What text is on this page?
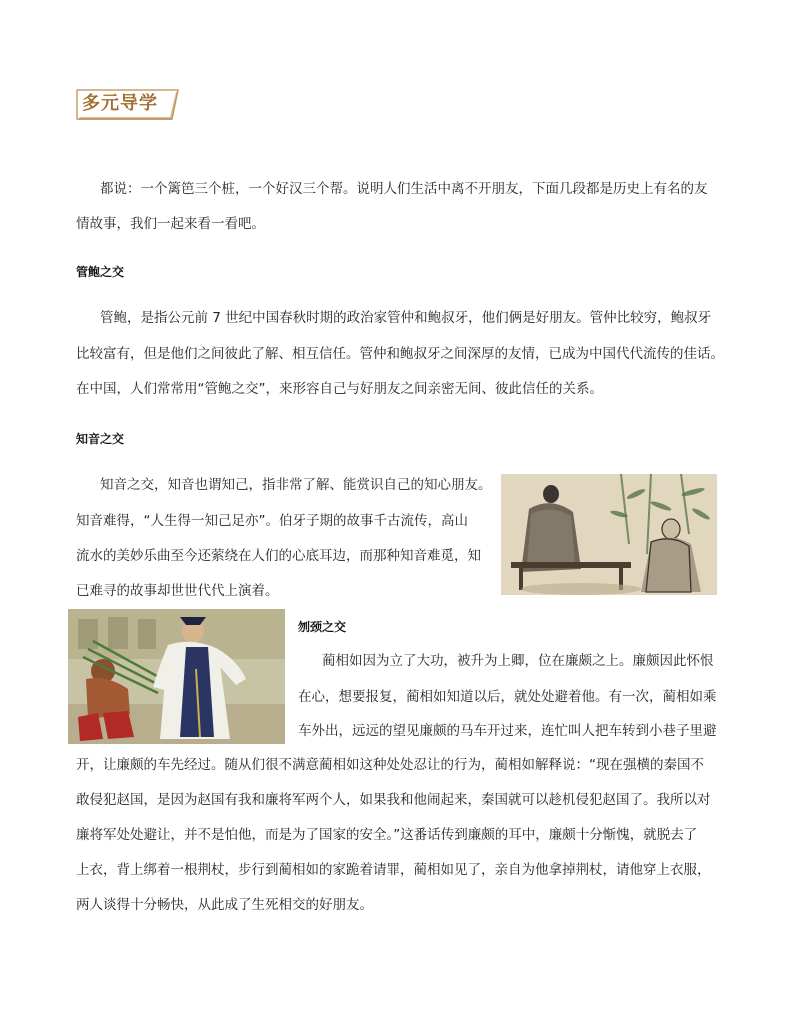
多元导学

都说：一个篱笆三个桩，一个好汉三个帮。说明人们生活中离不开朋友，下面几段都是历史上有名的友

情故事，我们一起来看一看吧。

管鲍之交

管鲍，是指公元前 7 世纪中国春秋时期的政治家管仲和鲍叔牙，他们俩是好朋友。管仲比较穷，鲍叔牙

比较富有，但是他们之间彼此了解、相互信任。管仲和鲍叔牙之间深厚的友情，已成为中国代代流传的佳话。

在中国，人们常常用“管鲍之交”，来形容自己与好朋友之间亲密无间、彼此信任的关系。

知音之交

知音之交，知音也谓知己，指非常了解、能赏识自己的知心朋友。

知音难得，“人生得一知己足亦”。伯牙子期的故事千古流传，高山

流水的美妙乐曲至今还萦绕在人们的心底耳边，而那种知音难觅，知

已难寻的故事却世世代代上演着。

刎颈之交

蔺相如因为立了大功，被升为上卿，位在廉颇之上。廉颇因此怀恨

在心，想要报复，蔺相如知道以后，就处处避着他。有一次，蔺相如乘

车外出，远远的望见廉颇的马车开过来，连忙叫人把车转到小巷子里避

开，让廉颇的车先经过。随从们很不满意蔺相如这种处处忍让的行为，蔺相如解释说：“现在强横的秦国不

敢侵犯赵国，是因为赵国有我和廉将军两个人，如果我和他闹起来，秦国就可以趁机侵犯赵国了。我所以对

廉将军处处避让，并不是怕他，而是为了国家的安全。”这番话传到廉颇的耳中，廉颇十分惭愧，就脱去了

上衣，背上绑着一根荆杖，步行到蔺相如的家跪着请罪，蔺相如见了，亲自为他拿掉荆杖，请他穿上衣服，

两人谈得十分畅快，从此成了生死相交的好朋友。
